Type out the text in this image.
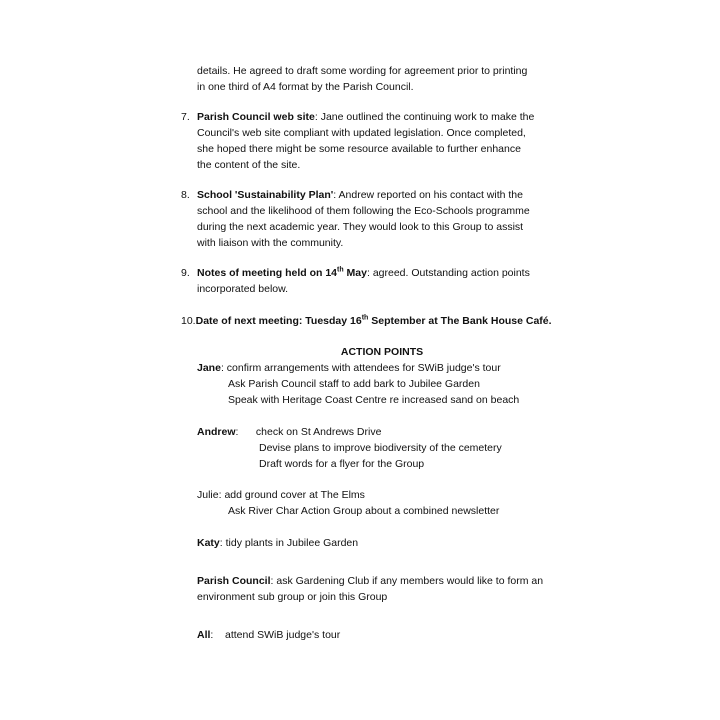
details. He agreed to draft some wording for agreement prior to printing
in one third of A4 format by the Parish Council.
7. Parish Council web site: Jane outlined the continuing work to make the
Council's web site compliant with updated legislation. Once completed,
she hoped there might be some resource available to further enhance
the content of the site.
8. School 'Sustainability Plan': Andrew reported on his contact with the
school and the likelihood of them following the Eco-Schools programme
during the next academic year. They would look to this Group to assist
with liaison with the community.
9. Notes of meeting held on 14th May: agreed. Outstanding action points
incorporated below.
10.Date of next meeting: Tuesday 16th September at The Bank House Café.
ACTION POINTS
Jane: confirm arrangements with attendees for SWiB judge's tour
Ask Parish Council staff to add bark to Jubilee Garden
Speak with Heritage Coast Centre re increased sand on beach
Andrew:      check on St Andrews Drive
Devise plans to improve biodiversity of the cemetery
Draft words for a flyer for the Group
Julie: add ground cover at The Elms
Ask River Char Action Group about a combined newsletter
Katy: tidy plants in Jubilee Garden
Parish Council: ask Gardening Club if any members would like to form an
environment sub group or join this Group
All:    attend SWiB judge's tour
